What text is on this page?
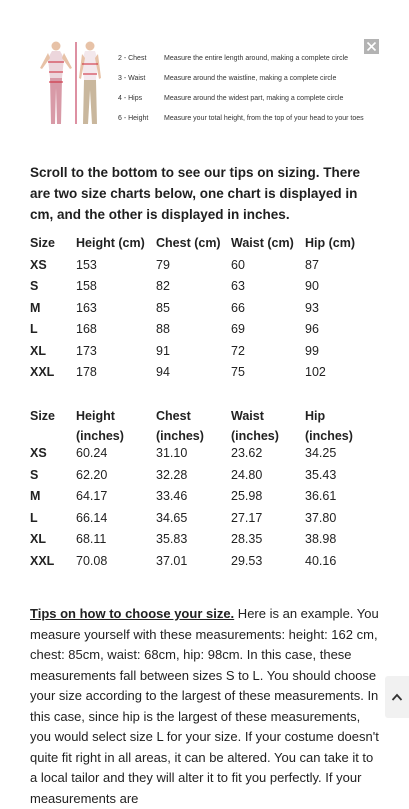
2 - Chest	Measure the entire length around, making a complete circle
3 - Waist	Measure around the waistline, making a complete circle
4 - Hips	Measure around the widest part, making a complete circle
6 - Height	Measure your total height, from the top of your head to your toes
Scroll to the bottom to see our tips on sizing. There are two size charts below, one chart is displayed in cm, and the other is displayed in inches.
Size	Height (cm)	Chest (cm)	Waist (cm)	Hip (cm)
XS	153	79	60	87
S	158	82	63	90
M	163	85	66	93
L	168	88	69	96
XL	173	91	72	99
XXL	178	94	75	102
Size	Height (inches)	Chest (inches)	Waist (inches)	Hip (inches)
XS	60.24	31.10	23.62	34.25
S	62.20	32.28	24.80	35.43
M	64.17	33.46	25.98	36.61
L	66.14	34.65	27.17	37.80
XL	68.11	35.83	28.35	38.98
XXL	70.08	37.01	29.53	40.16
Tips on how to choose your size. Here is an example. You measure yourself with these measurements: height: 162 cm, chest: 85cm, waist: 68cm, hip: 98cm. In this case, these measurements fall between sizes S to L. You should choose your size according to the largest of these measurements. In this case, since hip is the largest of these measurements, you would select size L for your size. If your costume doesn't quite fit right in all areas, it can be altered. You can take it to a local tailor and they will alter it to fit you perfectly. If your measurements are
